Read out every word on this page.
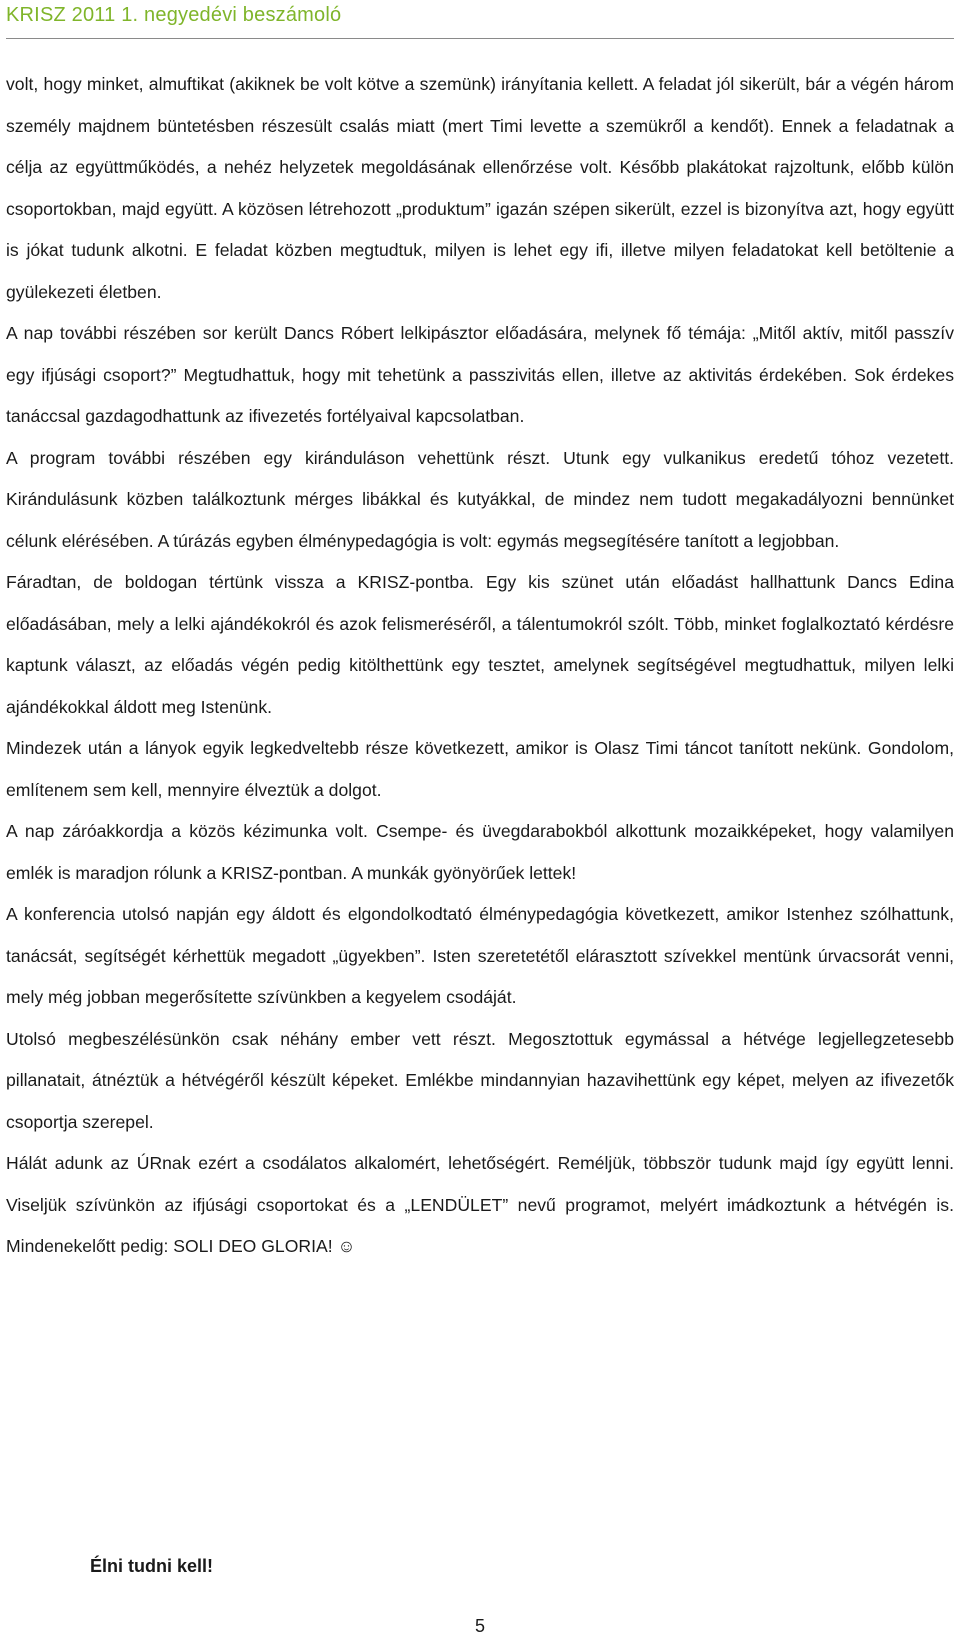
KRISZ 2011 1. negyedévi beszámoló

volt, hogy minket, almuftikat (akiknek be volt kötve a szemünk) irányítania kellett. A feladat jól sikerült, bár a végén három személy majdnem büntetésben részesült csalás miatt (mert Timi levette a szemükről a kendőt). Ennek a feladatnak a célja az együttműködés, a nehéz helyzetek megoldásának ellenőrzése volt. Később plakátokat rajzoltunk, előbb külön csoportokban, majd együtt. A közösen létrehozott „produktum” igazán szépen sikerült, ezzel is bizonyítva azt, hogy együtt is jókat tudunk alkotni. E feladat közben megtudtuk, milyen is lehet egy ifi, illetve milyen feladatokat kell betöltenie a gyülekezeti életben.

A nap további részében sor került Dancs Róbert lelkipásztor előadására, melynek fő témája: „Mitől aktív, mitől passzív egy ifjúsági csoport?” Megtudhattuk, hogy mit tehetünk a passzivitás ellen, illetve az aktivitás érdekében. Sok érdekes tanáccsal gazdagodhattunk az ifivezetés fortélyaival kapcsolatban.

A program további részében egy kiránduláson vehettünk részt. Utunk egy vulkanikus eredetű tóhoz vezetett. Kirándulásunk közben találkoztunk mérges libákkal és kutyákkal, de mindez nem tudott megakadályozni bennünket célunk elérésében. A túrázás egyben élménypedagógia is volt: egymás megsegítésére tanított a legjobban.

Fáradtan, de boldogan tértünk vissza a KRISZ-pontba. Egy kis szünet után előadást hallhattunk Dancs Edina előadásában, mely a lelki ajándékokról és azok felismeréséről, a tálentumokról szólt. Több, minket foglalkoztató kérdésre kaptunk választ, az előadás végén pedig kitölthettünk egy tesztet, amelynek segítségével megtudhattuk, milyen lelki ajándékokkal áldott meg Istenünk.

Mindezek után a lányok egyik legkedveltebb része következett, amikor is Olasz Timi táncot tanított nekünk. Gondolom, említenem sem kell, mennyire élveztük a dolgot.

A nap záróakkordja a közös kézimunka volt. Csempe- és üvegdarabokból alkottunk mozaikképeket, hogy valamilyen emlék is maradjon rólunk a KRISZ-pontban. A munkák gyönyörűek lettek!

A konferencia utolsó napján egy áldott és elgondolkodtató élménypedagógia következett, amikor Istenhez szólhattunk, tanácsát, segítségét kérhettük megadott „ügyekben”. Isten szeretetétől elárasztott szívekkel mentünk úrvacsorát venni, mely még jobban megerősítette szívünkben a kegyelem csodáját.

Utolsó megbeszélésünkön csak néhány ember vett részt. Megosztottuk egymással a hétvége legjellegzetesebb pillanatait, átnéztük a hétvégéről készült képeket. Emlékbe mindannyian hazavihettünk egy képet, melyen az ifivezetők csoportja szerepel.

Hálát adunk az ÚRnak ezért a csodálatos alkalomért, lehetőségért. Reméljük, többször tudunk majd így együtt lenni. Viseljük szívünkön az ifjúsági csoportokat és a „LENDÜLET” nevű programot, melyért imádkoztunk a hétvégén is. Mindenekelőtt pedig: SOLI DEO GLORIA! ☺

Élni tudni kell!
5
